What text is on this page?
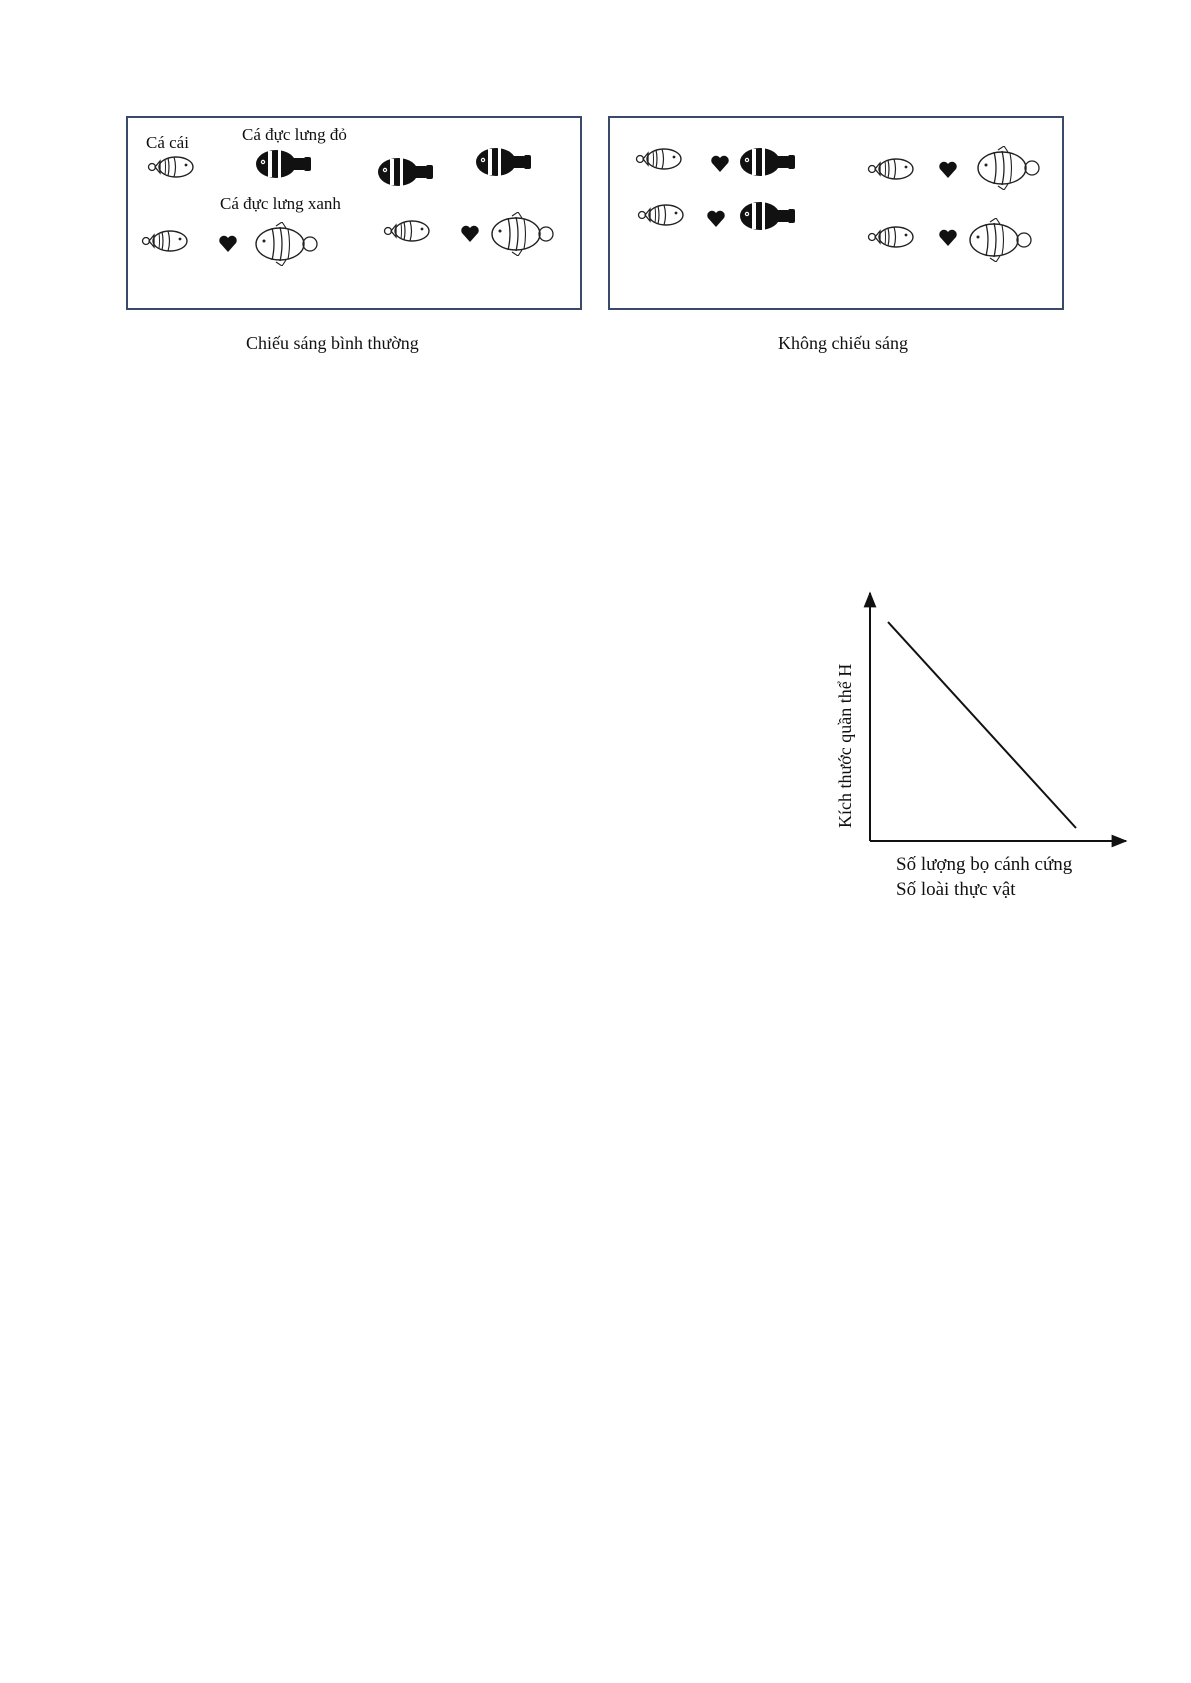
Cá cái	Cá đực lưng đỏ
Cá đực lưng xanh
Chiếu sáng bình thường	Không chiếu sáng
Kích thước quần thể H
Số lượng bọ cánh cứng
Số loài thực vật
